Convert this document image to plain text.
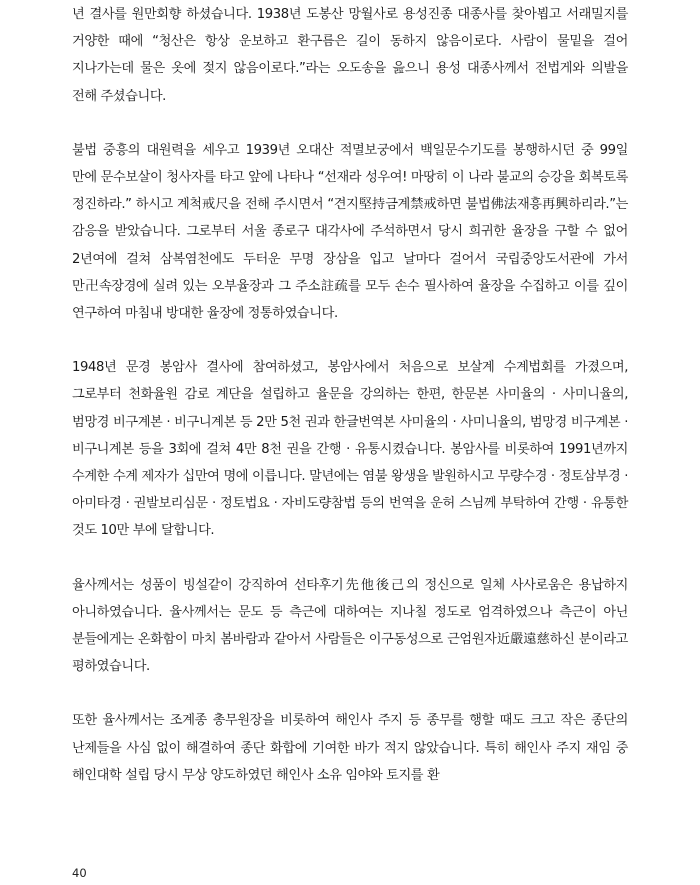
년 결사를 원만회향 하셨습니다. 1938년 도봉산 망월사로 용성진종 대종사를 찾아뵙고 서래밀지를 거양한 때에 “청산은 항상 운보하고 환구름은 길이 동하지 않음이로다. 사람이 물밑을 걸어 지나가는데 물은 옷에 젖지 않음이로다.”라는 오도송을 읊으니 용성 대종사께서 전법게와 의발을 전해 주셨습니다.

불법 중흥의 대원력을 세우고 1939년 오대산 적멸보궁에서 백일문수기도를 봉행하시던 중 99일 만에 문수보살이 청사자를 타고 앞에 나타나 “선재라 성우여! 마땅히 이 나라 불교의 승강을 회복토록 정진하라.” 하시고 계척戒尺을 전해 주시면서 “견지堅持금계禁戒하면 불법佛法재흥再興하리라.”는 감응을 받았습니다. 그로부터 서울 종로구 대각사에 주석하면서 당시 희귀한 율장을 구할 수 없어 2년여에 걸쳐 삼복염천에도 두터운 무명 장삼을 입고 날마다 걸어서 국립중앙도서관에 가서 만卍속장경에 실려 있는 오부율장과 그 주소註疏를 모두 손수 필사하여 율장을 수집하고 이를 깊이 연구하여 마침내 방대한 율장에 정통하였습니다.

1948년 문경 봉암사 결사에 참여하셨고, 봉암사에서 처음으로 보살계 수계법회를 가졌으며, 그로부터 천화율원 감로 계단을 설립하고 율문을 강의하는 한편, 한문본 사미율의 · 사미니율의, 범망경 비구계본 · 비구니계본 등 2만 5천 권과 한글번역본 사미율의 · 사미니율의, 범망경 비구계본 · 비구니계본 등을 3회에 걸쳐 4만 8천 권을 간행 · 유통시켰습니다. 봉암사를 비롯하여 1991년까지 수계한 수계 제자가 십만여 명에 이릅니다. 말년에는 염불 왕생을 발원하시고 무량수경 · 정토삼부경 · 아미타경 · 권발보리심문 · 정토법요 · 자비도량참법 등의 번역을 운허 스님께 부탁하여 간행 · 유통한 것도 10만 부에 달합니다.

율사께서는 성품이 빙설같이 강직하여 선타후기先他後己의 정신으로 일체 사사로움은 용납하지 아니하였습니다. 율사께서는 문도 등 측근에 대하여는 지나칠 정도로 엄격하였으나 측근이 아닌 분들에게는 온화함이 마치 봄바람과 같아서 사람들은 이구동성으로 근엄원자近嚴遠慈하신 분이라고 평하였습니다.

또한 율사께서는 조계종 총무원장을 비롯하여 해인사 주지 등 종무를 행할 때도 크고 작은 종단의 난제들을 사심 없이 해결하여 종단 화합에 기여한 바가 적지 않았습니다. 특히 해인사 주지 재임 중 해인대학 설립 당시 무상 양도하였던 해인사 소유 임야와 토지를 환

40
